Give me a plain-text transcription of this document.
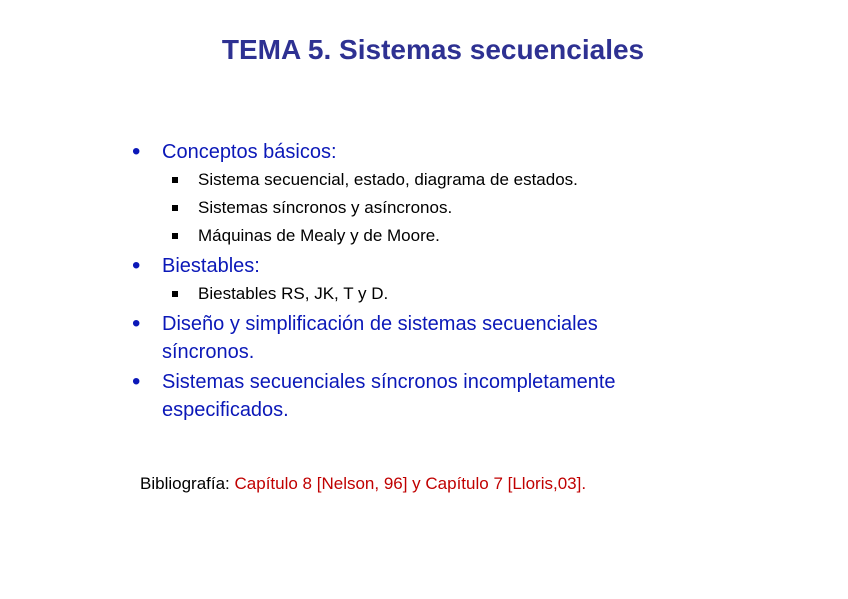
TEMA 5. Sistemas secuenciales
• Conceptos básicos:
Sistema secuencial, estado, diagrama de estados.
Sistemas síncronos y asíncronos.
Máquinas de Mealy y de Moore.
• Biestables:
Biestables RS, JK, T y D.
• Diseño y simplificación de sistemas secuenciales
síncronos.
• Sistemas secuenciales síncronos incompletamente
especificados.
Bibliografía: Capítulo 8 [Nelson, 96] y Capítulo 7 [Lloris,03].
